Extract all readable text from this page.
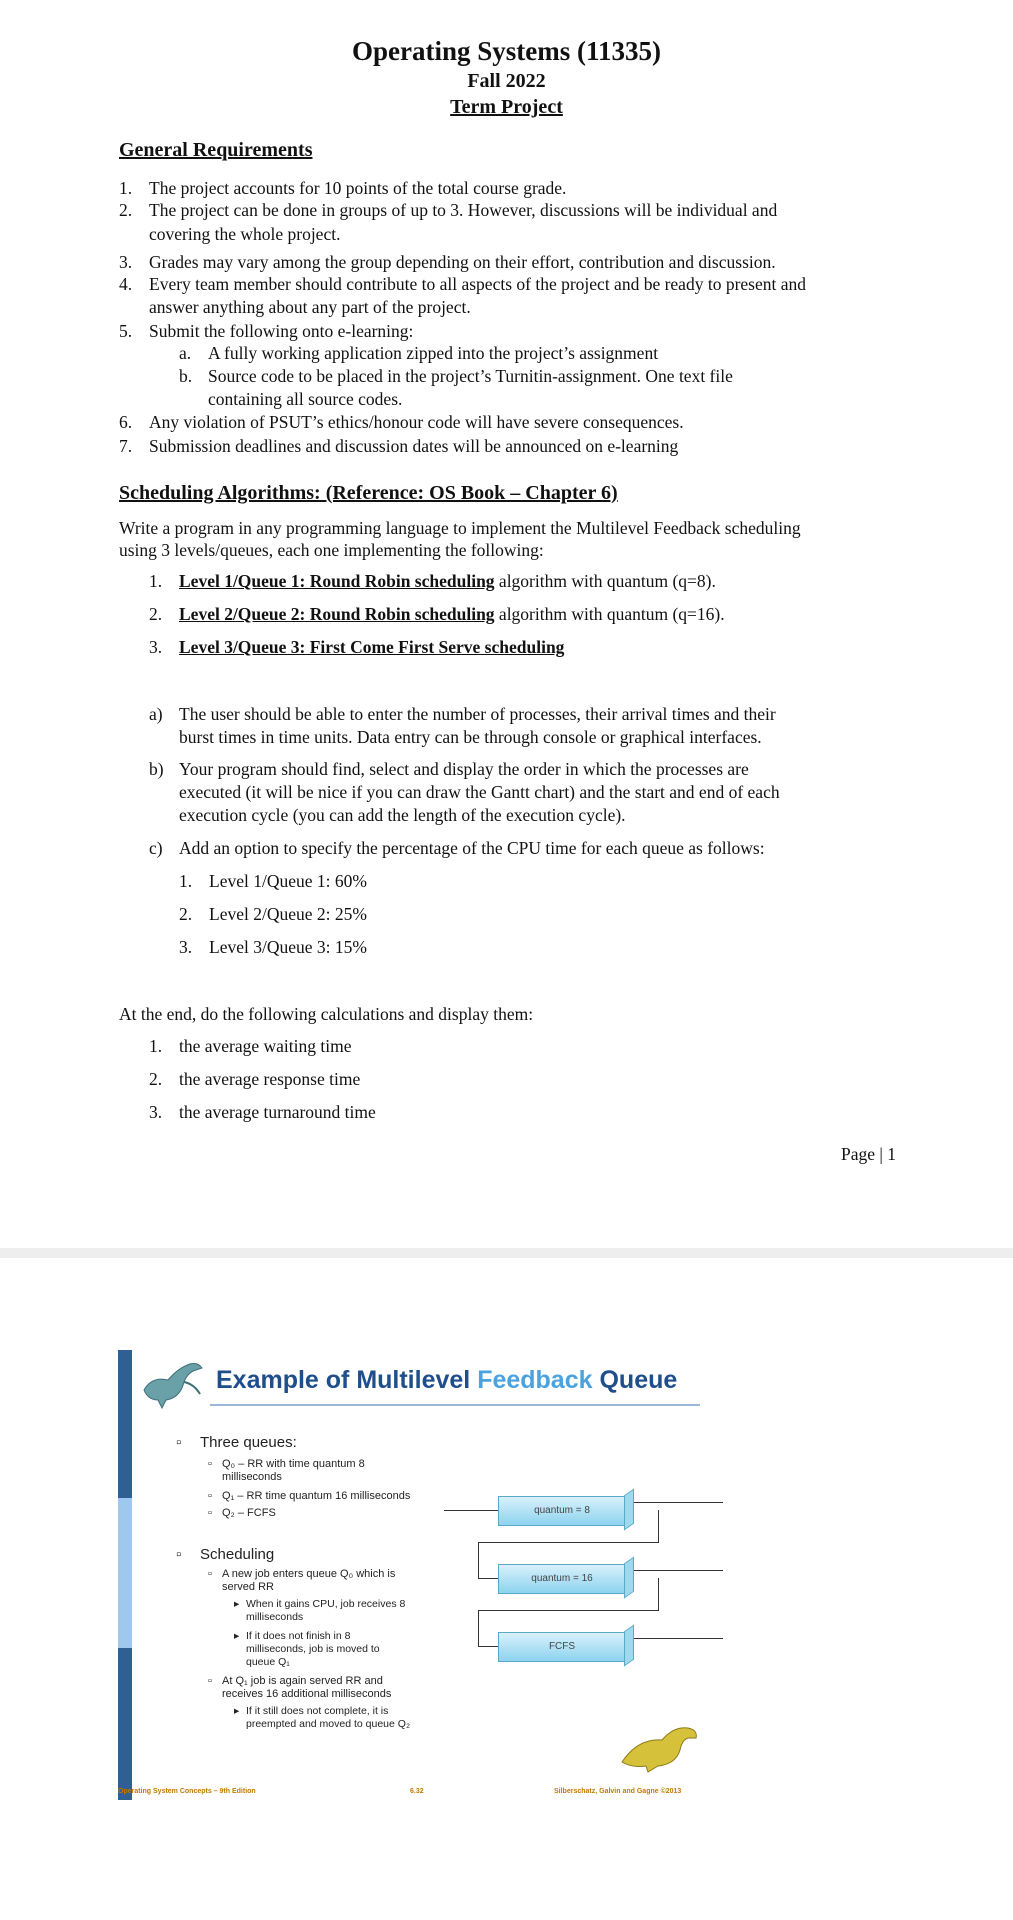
Operating Systems (11335)
Fall 2022
Term Project
General Requirements
1. The project accounts for 10 points of the total course grade.
2. The project can be done in groups of up to 3. However, discussions will be individual and
covering the whole project.
3. Grades may vary among the group depending on their effort, contribution and discussion.
4. Every team member should contribute to all aspects of the project and be ready to present and
answer anything about any part of the project.
5. Submit the following onto e-learning:
a. A fully working application zipped into the project’s assignment
b. Source code to be placed in the project’s Turnitin-assignment. One text file
containing all source codes.
6. Any violation of PSUT’s ethics/honour code will have severe consequences.
7. Submission deadlines and discussion dates will be announced on e-learning
Scheduling Algorithms: (Reference: OS Book – Chapter 6)
Write a program in any programming language to implement the Multilevel Feedback scheduling
using 3 levels/queues, each one implementing the following:
1. Level 1/Queue 1: Round Robin scheduling algorithm with quantum (q=8).
2. Level 2/Queue 2: Round Robin scheduling algorithm with quantum (q=16).
3. Level 3/Queue 3: First Come First Serve scheduling
a) The user should be able to enter the number of processes, their arrival times and their
burst times in time units. Data entry can be through console or graphical interfaces.
b) Your program should find, select and display the order in which the processes are
executed (it will be nice if you can draw the Gantt chart) and the start and end of each
execution cycle (you can add the length of the execution cycle).
c) Add an option to specify the percentage of the CPU time for each queue as follows:
1. Level 1/Queue 1: 60%
2. Level 2/Queue 2: 25%
3. Level 3/Queue 3: 15%
At the end, do the following calculations and display them:
1. the average waiting time
2. the average response time
3. the average turnaround time
Page | 1
Example of Multilevel Feedback Queue
▫ Three queues:
▫ Q₀ – RR with time quantum 8
milliseconds
▫ Q₁ – RR time quantum 16 milliseconds
▫ Q₂ – FCFS
▫ Scheduling
▫ A new job enters queue Q₀ which is
served RR
▸ When it gains CPU, job receives 8
milliseconds
▸ If it does not finish in 8
milliseconds, job is moved to
queue Q₁
▫ At Q₁ job is again served RR and
receives 16 additional milliseconds
▸ If it still does not complete, it is
preempted and moved to queue Q₂
quantum = 8
quantum = 16
FCFS
Operating System Concepts – 9th Edition	6.32	Silberschatz, Galvin and Gagne ©2013
